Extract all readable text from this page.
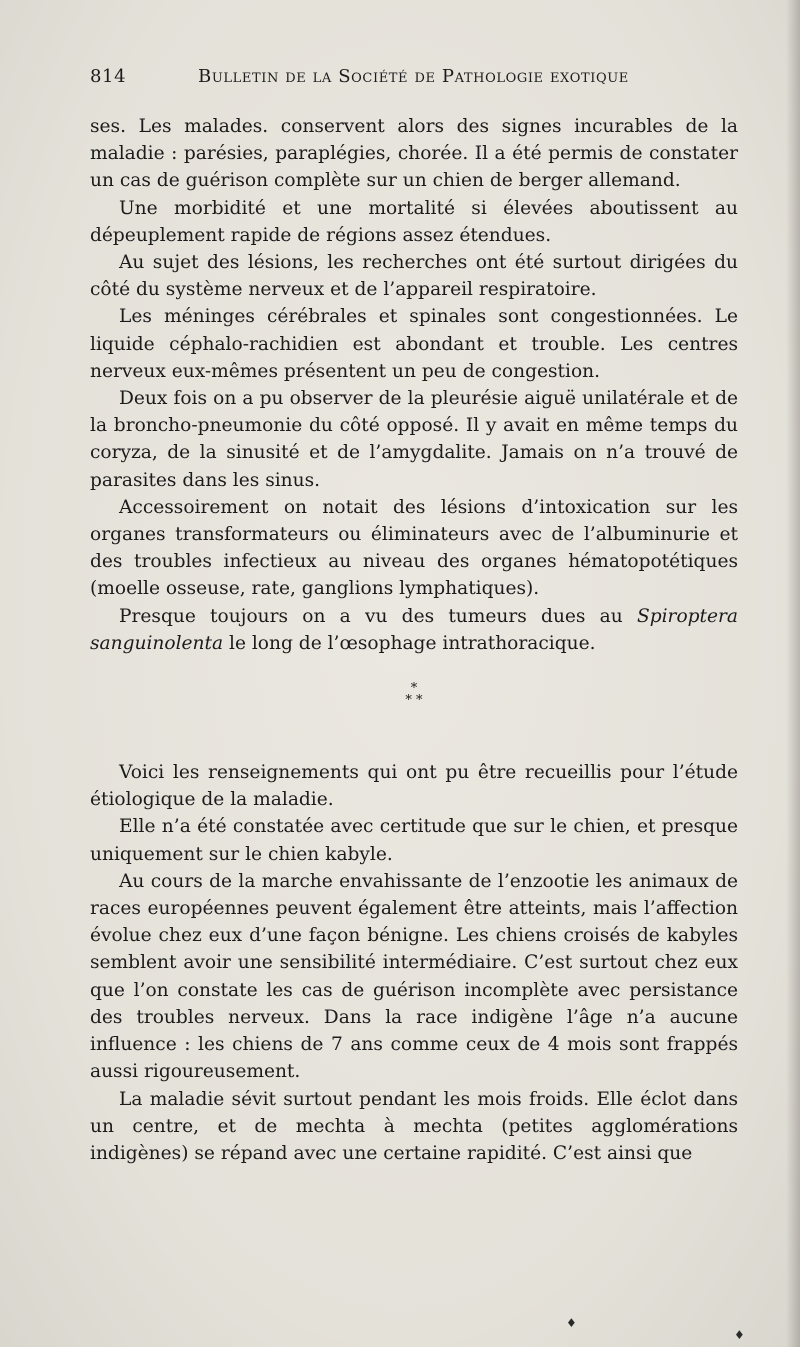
814	Bulletin de la Société de Pathologie exotique

ses. Les malades. conservent alors des signes incurables de la maladie : parésies, paraplégies, chorée. Il a été permis de constater un cas de guérison complète sur un chien de berger allemand.

Une morbidité et une mortalité si élevées aboutissent au dépeuplement rapide de régions assez étendues.

Au sujet des lésions, les recherches ont été surtout dirigées du côté du système nerveux et de l’appareil respiratoire.

Les méninges cérébrales et spinales sont congestionnées. Le liquide céphalo-rachidien est abondant et trouble. Les centres nerveux eux-mêmes présentent un peu de congestion.

Deux fois on a pu observer de la pleurésie aiguë unilatérale et de la broncho-pneumonie du côté opposé. Il y avait en même temps du coryza, de la sinusité et de l’amygdalite. Jamais on n’a trouvé de parasites dans les sinus.

Accessoirement on notait des lésions d’intoxication sur les organes transformateurs ou éliminateurs avec de l’albuminurie et des troubles infectieux au niveau des organes hématopotétiques (moelle osseuse, rate, ganglions lymphatiques).

Presque toujours on a vu des tumeurs dues au Spiroptera sanguinolenta le long de l’œsophage intrathoracique.

*
* *

Voici les renseignements qui ont pu être recueillis pour l’étude étiologique de la maladie.

Elle n’a été constatée avec certitude que sur le chien, et presque uniquement sur le chien kabyle.

Au cours de la marche envahissante de l’enzootie les animaux de races européennes peuvent également être atteints, mais l’affection évolue chez eux d’une façon bénigne. Les chiens croisés de kabyles semblent avoir une sensibilité intermédiaire. C’est surtout chez eux que l’on constate les cas de guérison incomplète avec persistance des troubles nerveux. Dans la race indigène l’âge n’a aucune influence : les chiens de 7 ans comme ceux de 4 mois sont frappés aussi rigoureusement.

La maladie sévit surtout pendant les mois froids. Elle éclot dans un centre, et de mechta à mechta (petites agglomérations indigènes) se répand avec une certaine rapidité. C’est ainsi que

♦
♦
